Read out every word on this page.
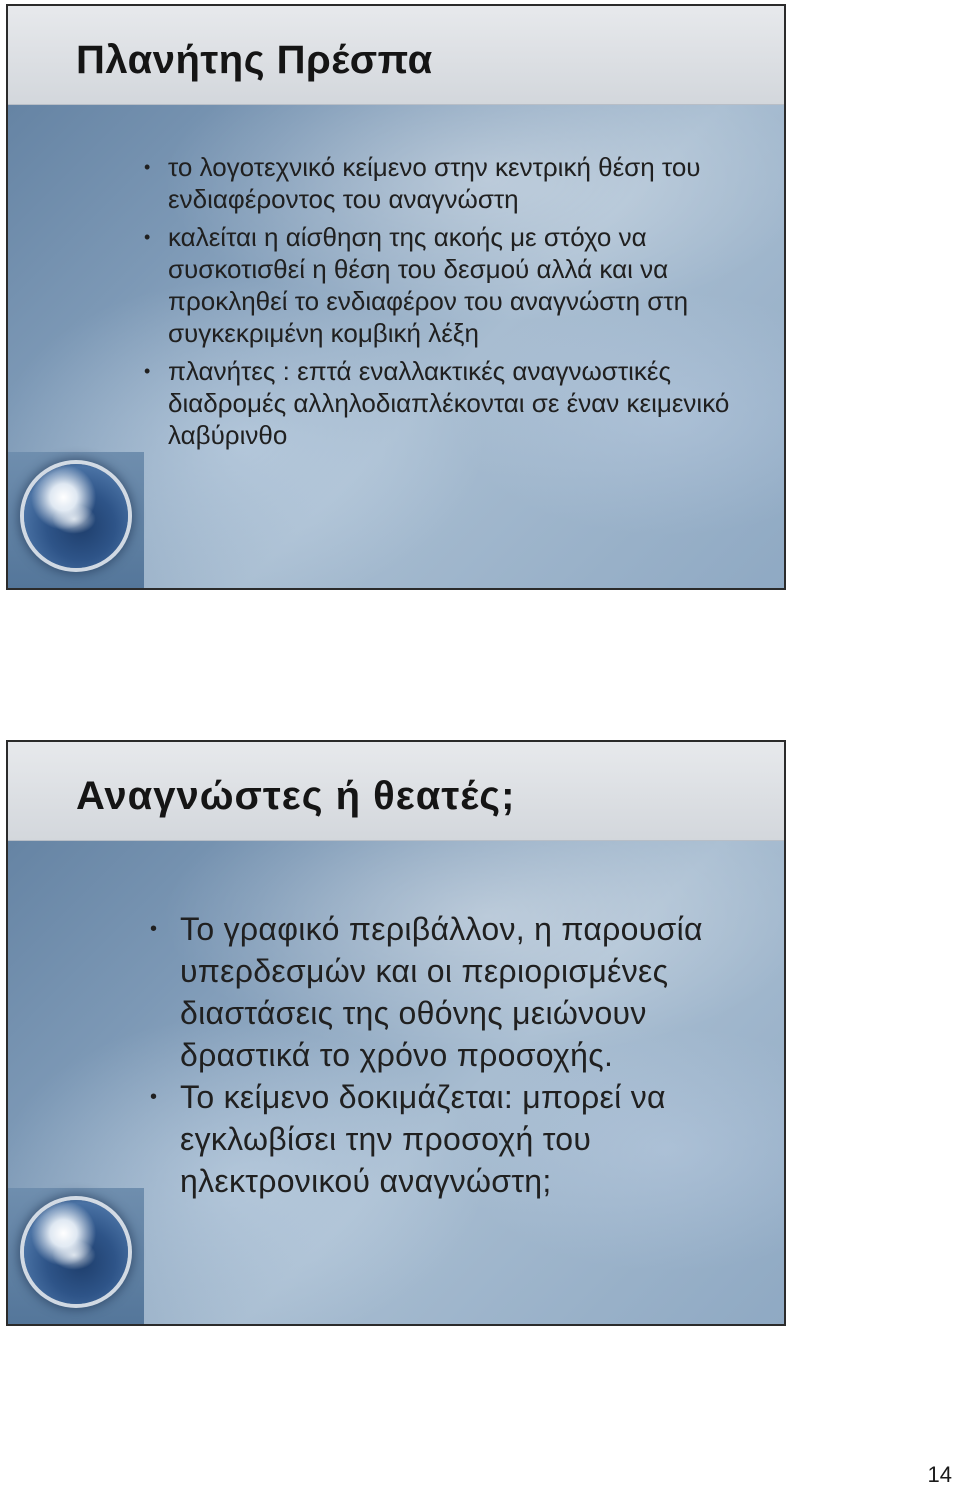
Πλανήτης Πρέσπα
• το λογοτεχνικό κείμενο στην κεντρική θέση του ενδιαφέροντος του αναγνώστη
• καλείται η αίσθηση της ακοής με στόχο να συσκοτισθεί η θέση του δεσμού αλλά και να προκληθεί το ενδιαφέρον του αναγνώστη στη συγκεκριμένη κομβική λέξη
• πλανήτες : επτά εναλλακτικές αναγνωστικές διαδρομές αλληλοδιαπλέκονται σε έναν κειμενικό λαβύρινθο
Αναγνώστες ή θεατές;
• Το γραφικό περιβάλλον, η παρουσία υπερδεσμών και οι περιορισμένες διαστάσεις της οθόνης μειώνουν δραστικά το χρόνο προσοχής.
• Το κείμενο δοκιμάζεται: μπορεί να εγκλωβίσει την προσοχή του ηλεκτρονικού αναγνώστη;
14
